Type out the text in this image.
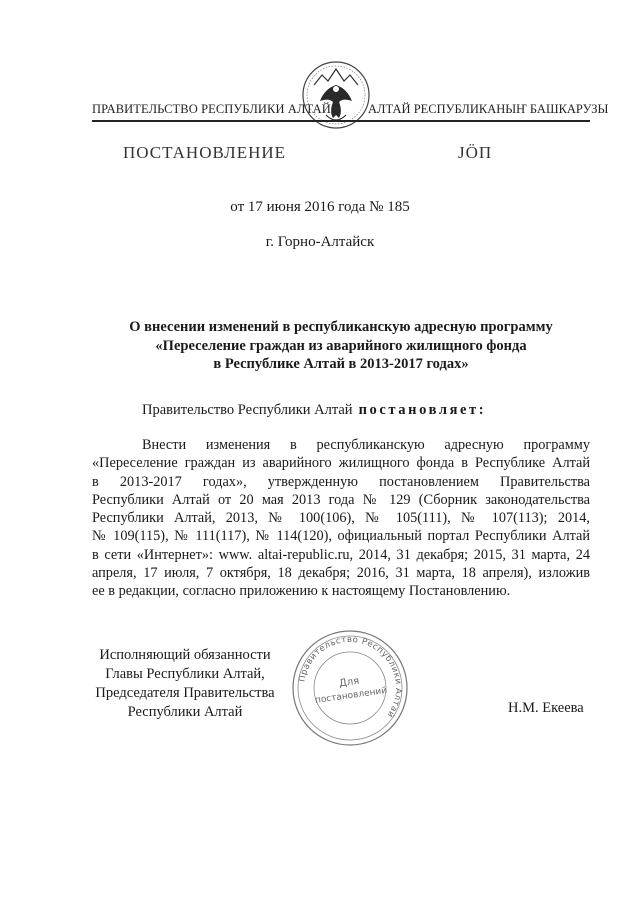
ПРАВИТЕЛЬСТВО РЕСПУБЛИКИ АЛТАЙ	АЛТАЙ РЕСПУБЛИКАНЫҤ БАШКАРУЗЫ
ПОСТАНОВЛЕНИЕ	JÖП
от 17 июня 2016 года № 185
г. Горно-Алтайск
О внесении изменений в республиканскую адресную программу
«Переселение граждан из аварийного жилищного фонда
в Республике Алтай в 2013-2017 годах»
Правительство Республики Алтай постановляет:
Внести изменения в республиканскую адресную программу
«Переселение граждан из аварийного жилищного фонда в Республике Алтай
в 2013-2017 годах», утвержденную постановлением Правительства
Республики Алтай от 20 мая 2013 года № 129 (Сборник законодательства
Республики Алтай, 2013, № 100(106), № 105(111), № 107(113); 2014,
№ 109(115), № 111(117), № 114(120), официальный портал Республики Алтай
в сети «Интернет»: www. altai-republic.ru, 2014, 31 декабря; 2015, 31 марта, 24
апреля, 17 июля, 7 октября, 18 декабря; 2016, 31 марта, 18 апреля), изложив
ее в редакции, согласно приложению к настоящему Постановлению.
Исполняющий обязанности
Главы Республики Алтай,
Председателя Правительства
Республики Алтай	Н.М. Екеева
Правительство Республики Алтай
Для
постановлений
